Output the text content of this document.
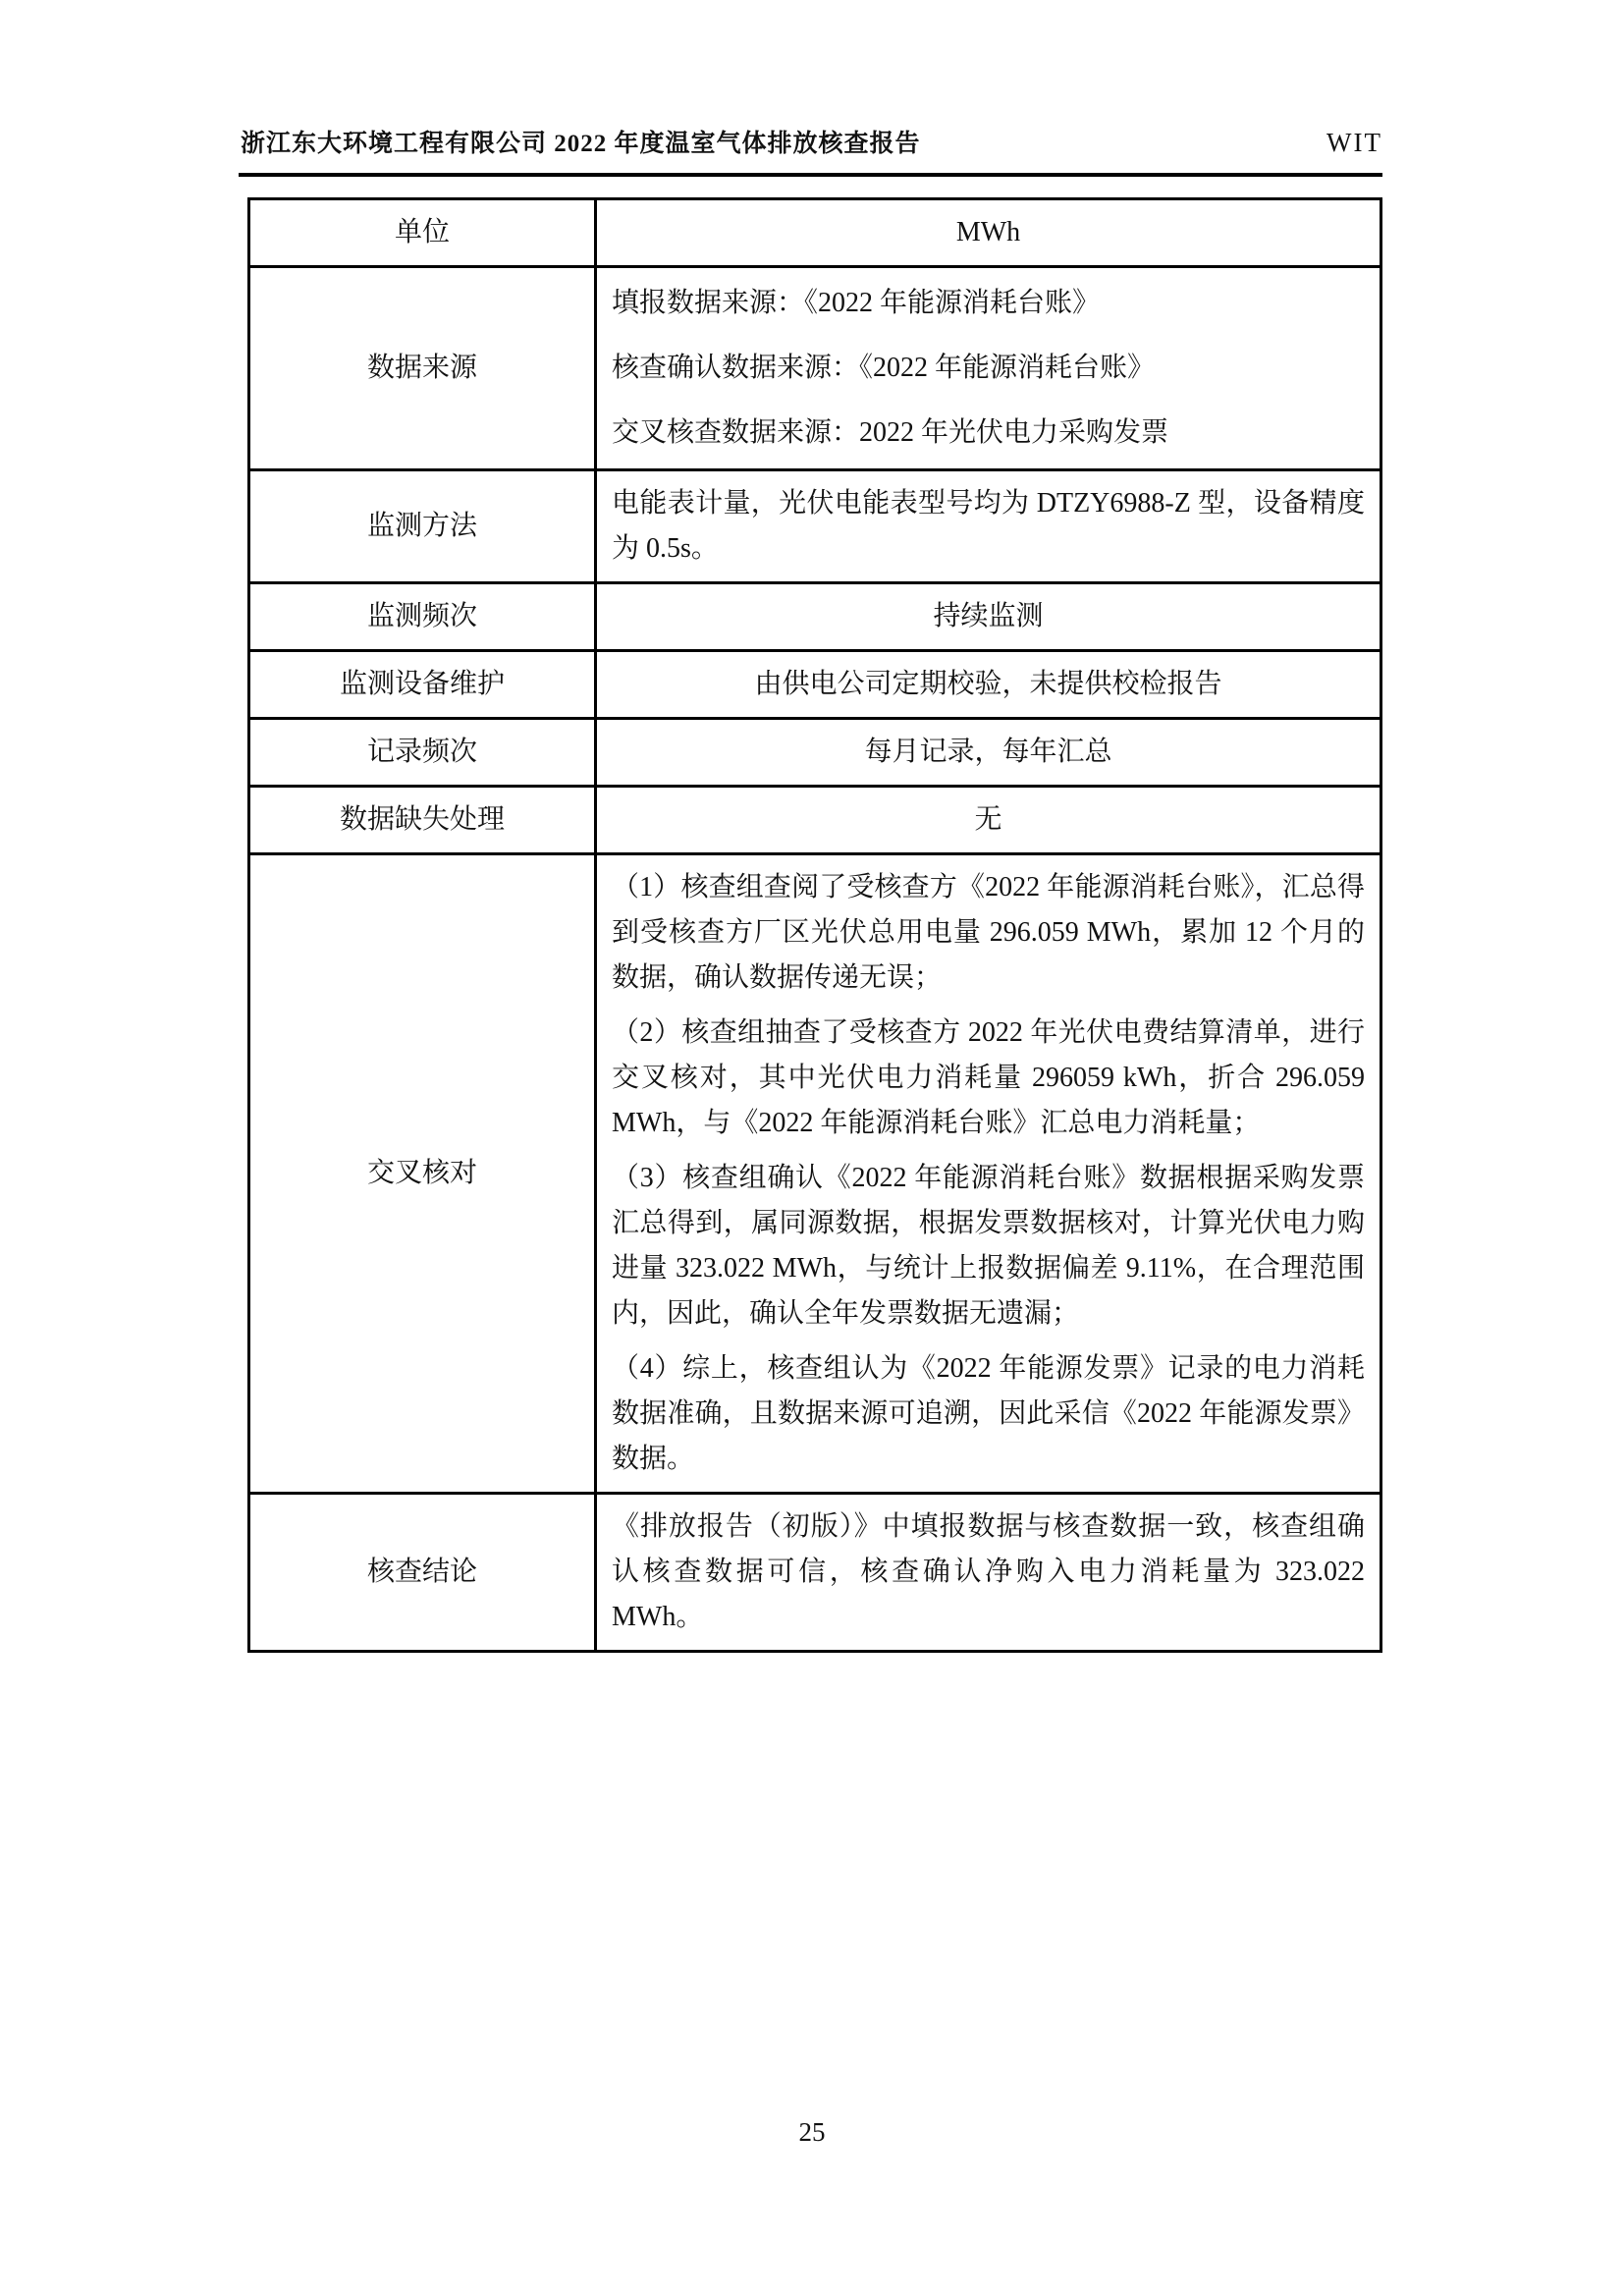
浙江东大环境工程有限公司 2022 年度温室气体排放核查报告	WIT
单位	MWh

数据来源	填报数据来源：《2022 年能源消耗台账》

核查确认数据来源：《2022 年能源消耗台账》

交叉核查数据来源：2022 年光伏电力采购发票

监测方法	电能表计量，光伏电能表型号均为 DTZY6988-Z 型，设备精度为 0.5s。

监测频次	持续监测

监测设备维护	由供电公司定期校验，未提供校检报告

记录频次	每月记录，每年汇总

数据缺失处理	无

交叉核对	（1）核查组查阅了受核查方《2022 年能源消耗台账》，汇总得到受核查方厂区光伏总用电量 296.059 MWh，累加 12 个月的数据，确认数据传递无误；

（2）核查组抽查了受核查方 2022 年光伏电费结算清单，进行交叉核对，其中光伏电力消耗量 296059 kWh，折合 296.059 MWh，与《2022 年能源消耗台账》汇总电力消耗量；

（3）核查组确认《2022 年能源消耗台账》数据根据采购发票汇总得到，属同源数据，根据发票数据核对，计算光伏电力购进量 323.022 MWh，与统计上报数据偏差 9.11%，在合理范围内，因此，确认全年发票数据无遗漏；

（4）综上，核查组认为《2022 年能源发票》记录的电力消耗数据准确，且数据来源可追溯，因此采信《2022 年能源发票》数据。

核查结论	《排放报告（初版）》中填报数据与核查数据一致，核查组确认核查数据可信，核查确认净购入电力消耗量为 323.022 MWh。

25
